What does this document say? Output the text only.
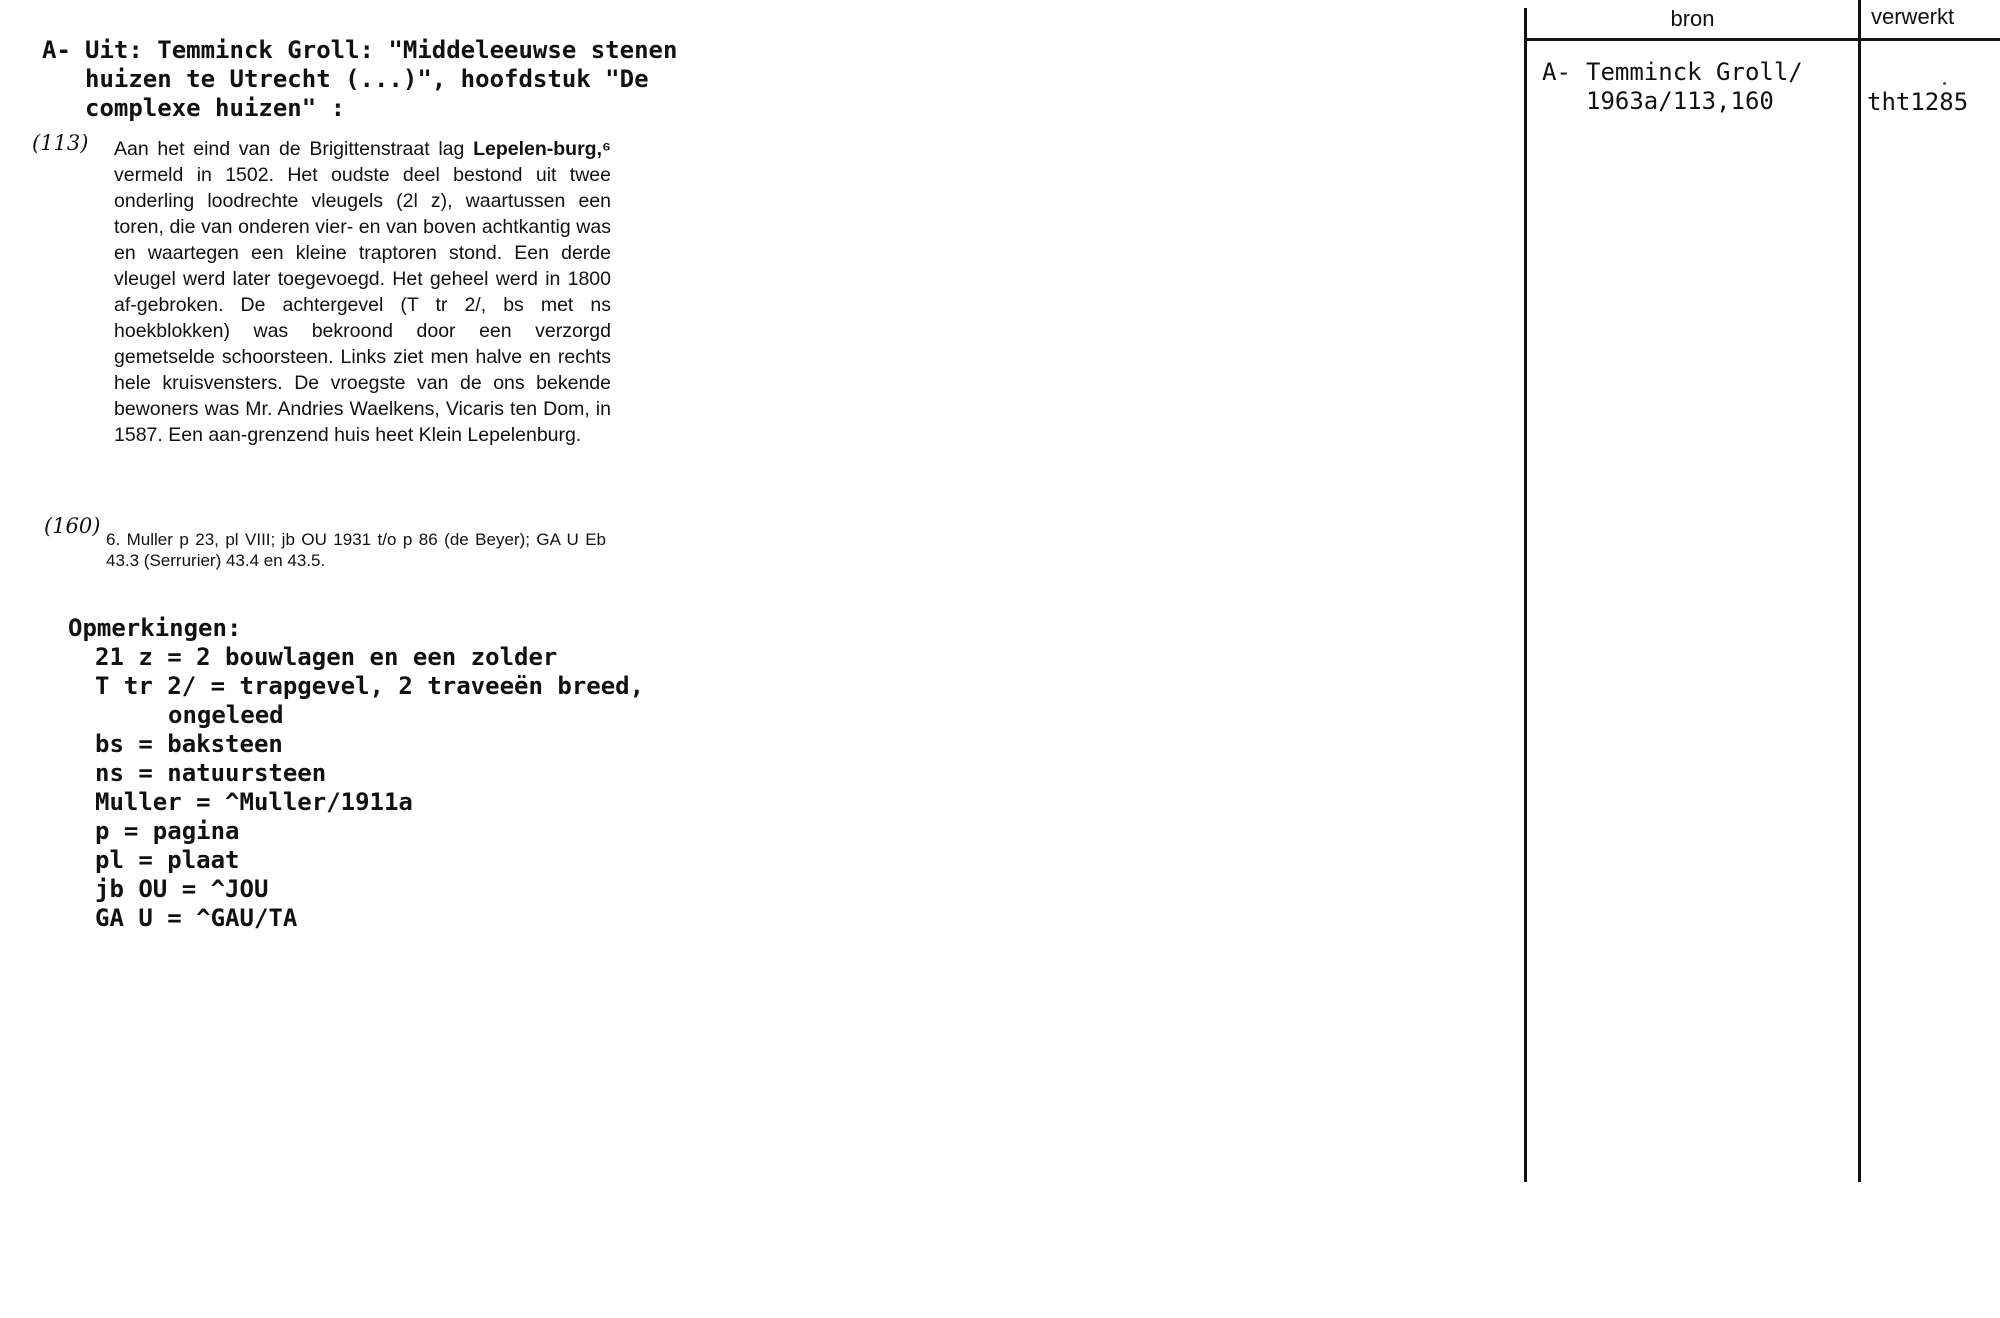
A- Uit: Temminck Groll: "Middeleeuwse stenen
huizen te Utrecht (...)", hoofdstuk "De
complexe huizen" :
(113)
(160)

Aan het eind van de Brigittenstraat lag Lepelen-burg,⁶ vermeld in 1502. Het oudste deel bestond uit twee onderling loodrechte vleugels (2l z), waartussen een toren, die van onderen vier- en van boven achtkantig was en waartegen een kleine traptoren stond. Een derde vleugel werd later toegevoegd. Het geheel werd in 1800 af-gebroken. De achtergevel (T tr 2/, bs met ns hoekblokken) was bekroond door een verzorgd gemetselde schoorsteen. Links ziet men halve en rechts hele kruisvensters. De vroegste van de ons bekende bewoners was Mr. Andries Waelkens, Vicaris ten Dom, in 1587. Een aan-grenzend huis heet Klein Lepelenburg.

6. Muller p 23, pl VIII; jb OU 1931 t/o p 86 (de Beyer); GA U Eb 43.3 (Serrurier) 43.4 en 43.5.

Opmerkingen:
21 z = 2 bouwlagen en een zolder
T tr 2/ = trapgevel, 2 traveeën breed,
ongeleed
bs = baksteen
ns = natuursteen
Muller = ^Muller/1911a
p = pagina
pl = plaat
jb OU = ^JOU
GA U = ^GAU/TA
bron	verwerkt
A- Temminck Groll/
1963a/113,160	tht1285
